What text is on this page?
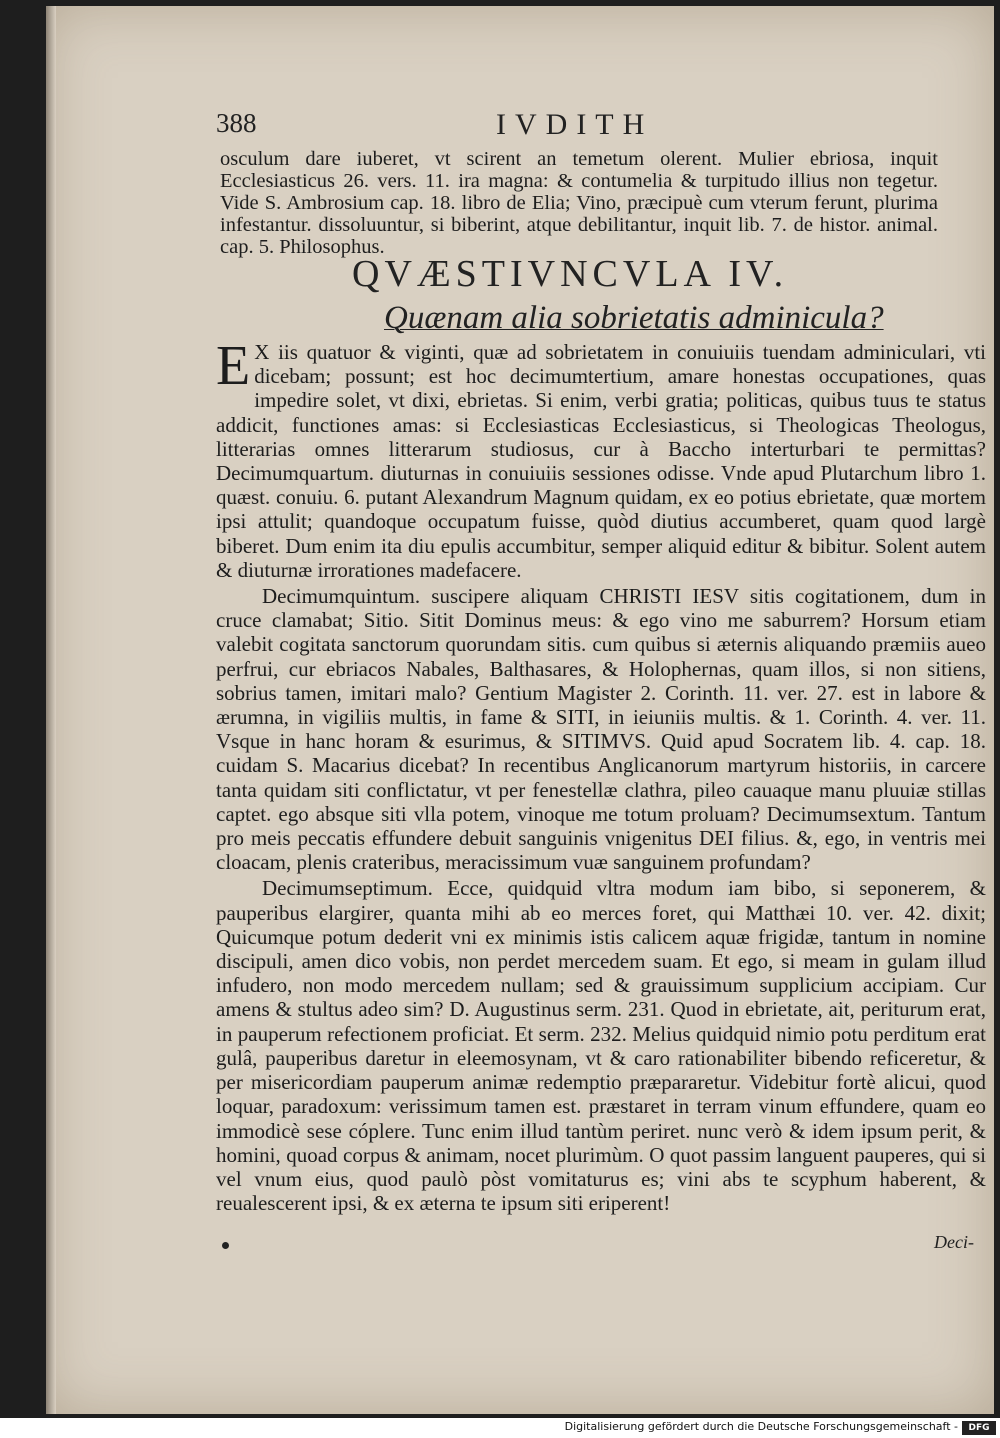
388	IVDITH

osculum dare iuberet, vt scirent an temetum olerent. Mulier ebriosa, inquit Ecclesiasticus 26. vers. 11. ira magna: & contumelia & turpitudo illius non tegetur. Vide S. Ambrosium cap. 18. libro de Elia; Vino, præcipuè cum vterum ferunt, plurima infestantur. dissoluuntur, si biberint, atque debilitantur, inquit lib. 7. de histor. animal. cap. 5. Philosophus.

QVÆSTIVNCVLA IV.
Quænam alia sobrietatis adminicula?

E X iis quatuor & viginti, quæ ad sobrietatem in conuiuiis tuendam adminiculari, vti dicebam; possunt; est hoc decimumtertium, amare honestas occupationes, quas impedire solet, vt dixi, ebrietas. Si enim, verbi gratia; politicas, quibus tuus te status addicit, functiones amas: si Ecclesiasticas Ecclesiasticus, si Theologicas Theologus, litterarias omnes litterarum studiosus, cur à Baccho interturbari te permittas? Decimumquartum. diuturnas in conuiuiis sessiones odisse. Vnde apud Plutarchum libro 1. quæst. conuiu. 6. putant Alexandrum Magnum quidam, ex eo potius ebrietate, quæ mortem ipsi attulit; quandoque occupatum fuisse, quòd diutius accumberet, quam quod largè biberet. Dum enim ita diu epulis accumbitur, semper aliquid editur & bibitur. Solent autem & diuturnæ irrorationes madefacere.

Decimumquintum. suscipere aliquam CHRISTI IESV sitis cogitationem, dum in cruce clamabat; Sitio. Sitit Dominus meus: & ego vino me saburrem? Horsum etiam valebit cogitata sanctorum quorundam sitis. cum quibus si æternis aliquando præmiis aueo perfrui, cur ebriacos Nabales, Balthasares, & Holophernas, quam illos, si non sitiens, sobrius tamen, imitari malo? Gentium Magister 2. Corinth. 11. ver. 27. est in labore & ærumna, in vigiliis multis, in fame & SITI, in ieiuniis multis. & 1. Corinth. 4. ver. 11. Vsque in hanc horam & esurimus, & SITIMVS. Quid apud Socratem lib. 4. cap. 18. cuidam S. Macarius dicebat? In recentibus Anglicanorum martyrum historiis, in carcere tanta quidam siti conflictatur, vt per fenestellæ clathra, pileo cauaque manu pluuiæ stillas captet. ego absque siti vlla potem, vinoque me totum proluam? Decimumsextum. Tantum pro meis peccatis effundere debuit sanguinis vnigenitus DEI filius. &, ego, in ventris mei cloacam, plenis crateribus, meracissimum vuæ sanguinem profundam?

Decimumseptimum. Ecce, quidquid vltra modum iam bibo, si seponerem, & pauperibus elargirer, quanta mihi ab eo merces foret, qui Matthæi 10. ver. 42. dixit; Quicumque potum dederit vni ex minimis istis calicem aquæ frigidæ, tantum in nomine discipuli, amen dico vobis, non perdet mercedem suam. Et ego, si meam in gulam illud infudero, non modo mercedem nullam; sed & grauissimum supplicium accipiam. Cur amens & stultus adeo sim? D. Augustinus serm. 231. Quod in ebrietate, ait, periturum erat, in pauperum refectionem proficiat. Et serm. 232. Melius quidquid nimio potu perditum erat gulâ, pauperibus daretur in eleemosynam, vt & caro rationabiliter bibendo reficeretur, & per misericordiam pauperum animæ redemptio præpararetur. Videbitur fortè alicui, quod loquar, paradoxum: verissimum tamen est. præstaret in terram vinum effundere, quam eo immodicè sese cóplere. Tunc enim illud tantùm periret. nunc verò & idem ipsum perit, & homini, quoad corpus & animam, nocet plurimùm. O quot passim languent pauperes, qui si vel vnum eius, quod paulò pòst vomitaturus es; vini abs te scyphum haberent, & reualescerent ipsi, & ex æterna te ipsum siti eriperent!

Deci-
Digitalisierung gefördert durch die Deutsche Forschungsgemeinschaft -	DFG
